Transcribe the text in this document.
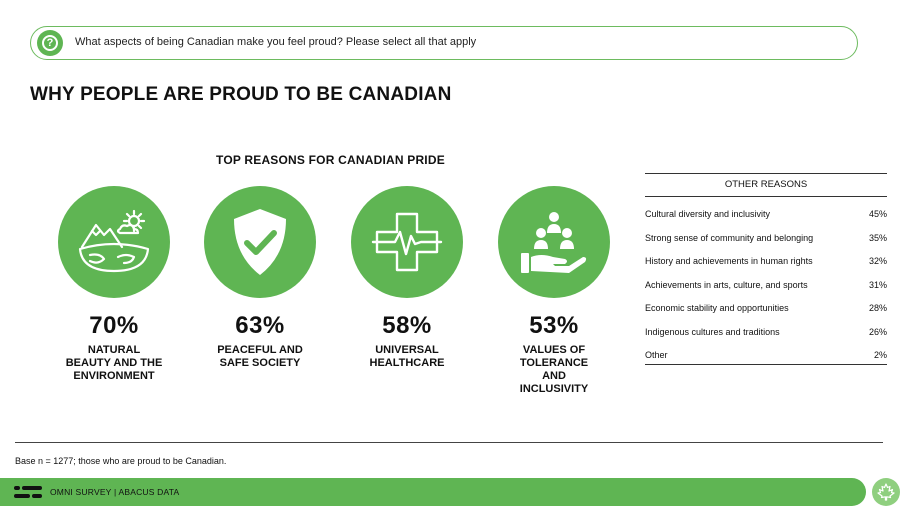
?	What aspects of being Canadian make you feel proud? Please select all that apply
WHY PEOPLE ARE PROUD TO BE CANADIAN
TOP REASONS FOR CANADIAN PRIDE
70%
NATURAL
BEAUTY AND THE
ENVIRONMENT
63%
PEACEFUL AND
SAFE SOCIETY
58%
UNIVERSAL
HEALTHCARE
53%
VALUES OF
TOLERANCE
AND
INCLUSIVITY
OTHER REASONS
Cultural diversity and inclusivity	45%
Strong sense of community and belonging	35%
History and achievements in human rights	32%
Achievements in arts, culture, and sports	31%
Economic stability and opportunities	28%
Indigenous cultures and traditions	26%
Other	2%
Base n = 1277; those who are proud to be Canadian.
OMNI SURVEY | ABACUS DATA
